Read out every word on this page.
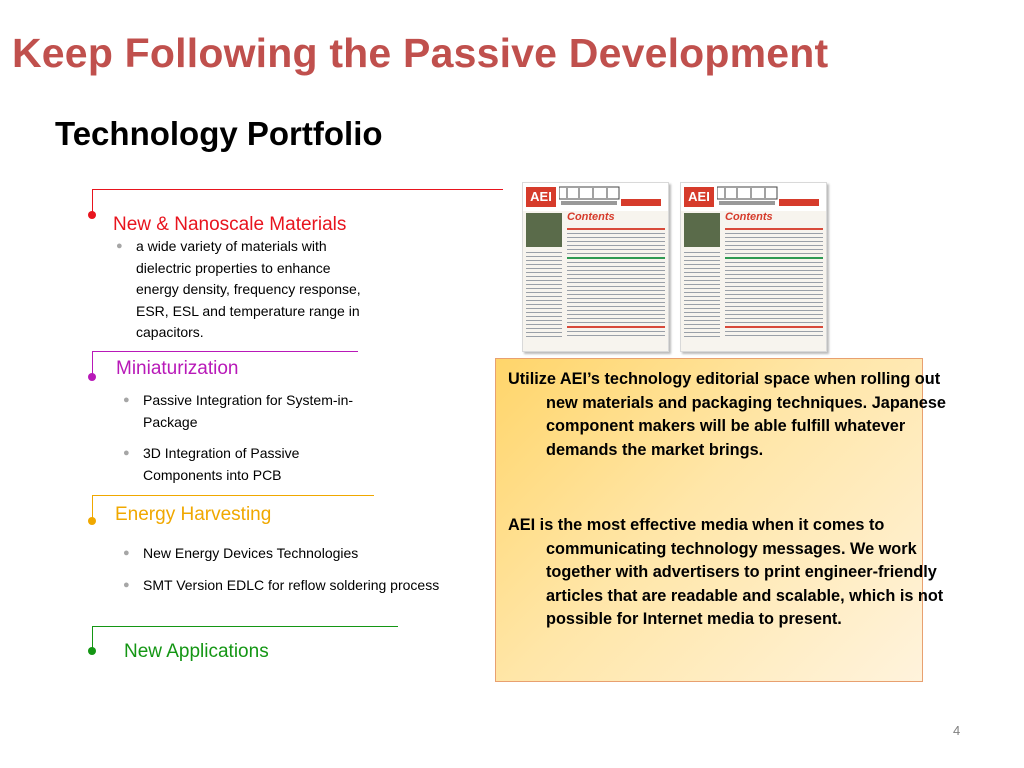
Keep Following the Passive Development
Technology Portfolio
New & Nanoscale Materials
● a wide variety of materials with dielectric properties to enhance energy density, frequency response, ESR, ESL and temperature range in capacitors.
Miniaturization
● Passive Integration for System-in-Package
● 3D Integration of Passive Components into PCB
Energy Harvesting
● New Energy Devices Technologies
● SMT Version EDLC for reflow soldering process
New Applications
AEI
Contents
AEI
Contents
Utilize AEI’s technology editorial space when rolling out new materials and packaging techniques. Japanese component makers will be able fulfill whatever demands the market brings.
AEI is the most effective media when it comes to communicating technology messages. We work together with advertisers to print engineer-friendly articles that are readable and scalable, which is not possible for Internet media to present.
4
